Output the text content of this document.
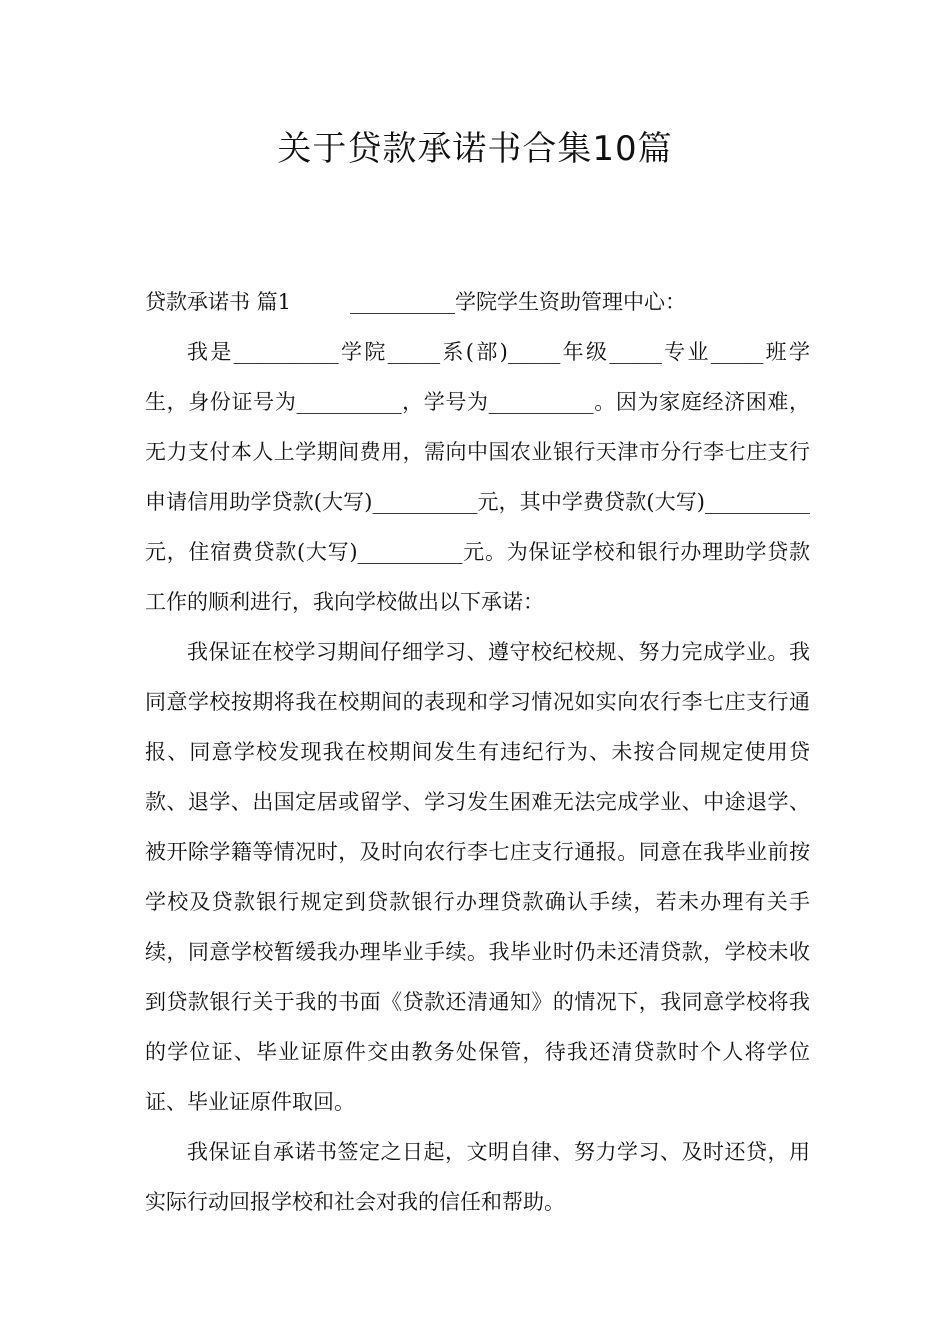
关于贷款承诺书合集10篇
贷款承诺书 篇1	__________学院学生资助管理中心：

我是__________学院_____系(部)_____年级_____专业_____班学生，身份证号为__________，学号为__________。因为家庭经济困难，无力支付本人上学期间费用，需向中国农业银行天津市分行李七庄支行申请信用助学贷款(大写)__________元，其中学费贷款(大写)__________元，住宿费贷款(大写)__________元。为保证学校和银行办理助学贷款工作的顺利进行，我向学校做出以下承诺：

我保证在校学习期间仔细学习、遵守校纪校规、努力完成学业。我同意学校按期将我在校期间的表现和学习情况如实向农行李七庄支行通报、同意学校发现我在校期间发生有违纪行为、未按合同规定使用贷款、退学、出国定居或留学、学习发生困难无法完成学业、中途退学、被开除学籍等情况时，及时向农行李七庄支行通报。同意在我毕业前按学校及贷款银行规定到贷款银行办理贷款确认手续，若未办理有关手续，同意学校暂缓我办理毕业手续。我毕业时仍未还清贷款，学校未收到贷款银行关于我的书面《贷款还清通知》的情况下，我同意学校将我的学位证、毕业证原件交由教务处保管，待我还清贷款时个人将学位证、毕业证原件取回。

我保证自承诺书签定之日起，文明自律、努力学习、及时还贷，用实际行动回报学校和社会对我的信任和帮助。
